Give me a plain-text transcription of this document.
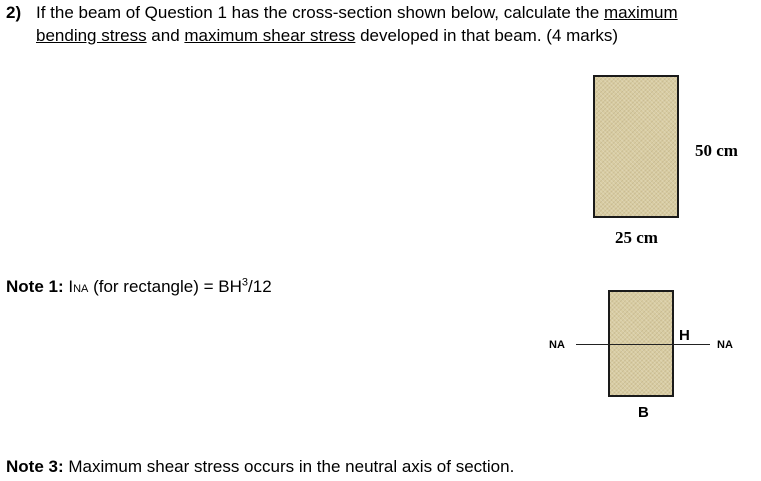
2) If the beam of Question 1 has the cross-section shown below, calculate the maximum
bending stress and maximum shear stress developed in that beam. (4 marks)
50 cm
25 cm
Note 1: INA (for rectangle) = $BH^3/12$
NA	NA
H
B
Note 3: Maximum shear stress occurs in the neutral axis of section.
